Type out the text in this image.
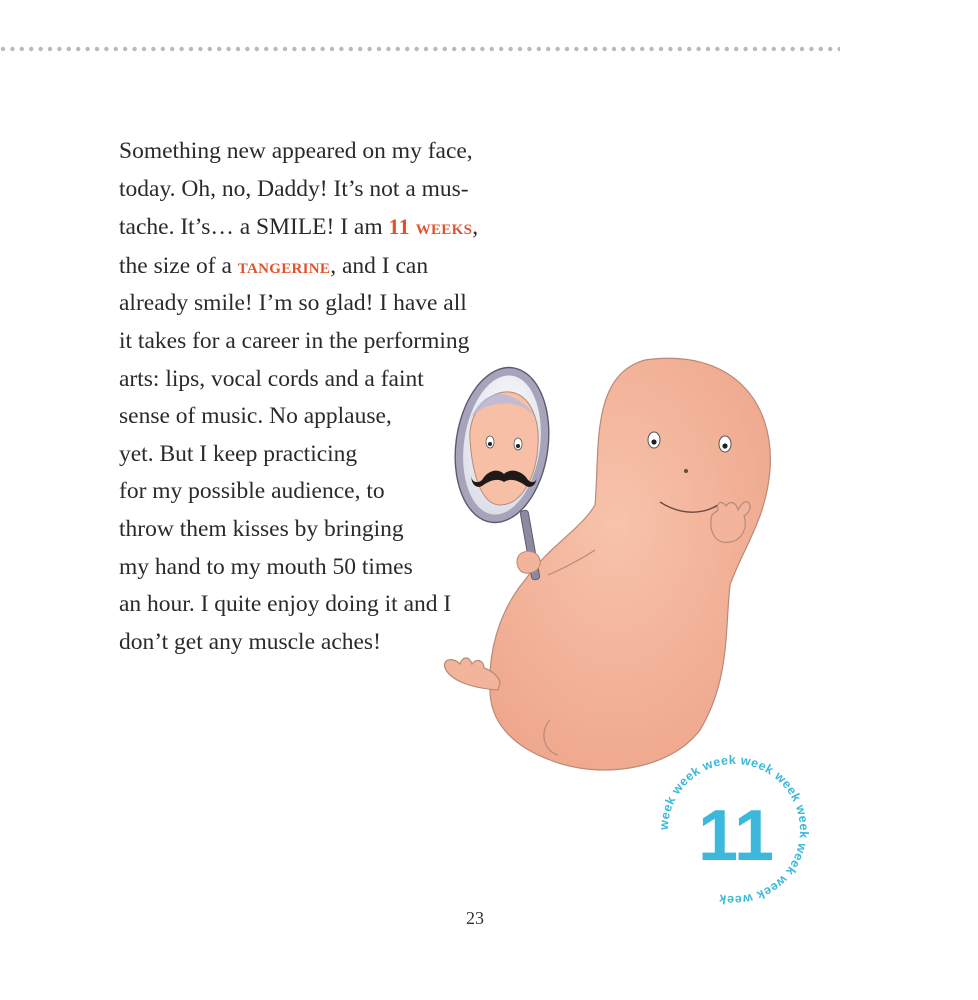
Something new appeared on my face,
today. Oh, no, Daddy! It’s not a mus-
tache. It’s… a SMILE! I am 11 weeks,
the size of a tangerine, and I can
already smile! I’m so glad! I have all
it takes for a career in the performing
arts: lips, vocal cords and a faint
sense of music. No applause,
yet. But I keep practicing
for my possible audience, to
throw them kisses by bringing
my hand to my mouth 50 times
an hour. I quite enjoy doing it and I
don’t get any muscle aches!
week week week week week week week week week
11
23
